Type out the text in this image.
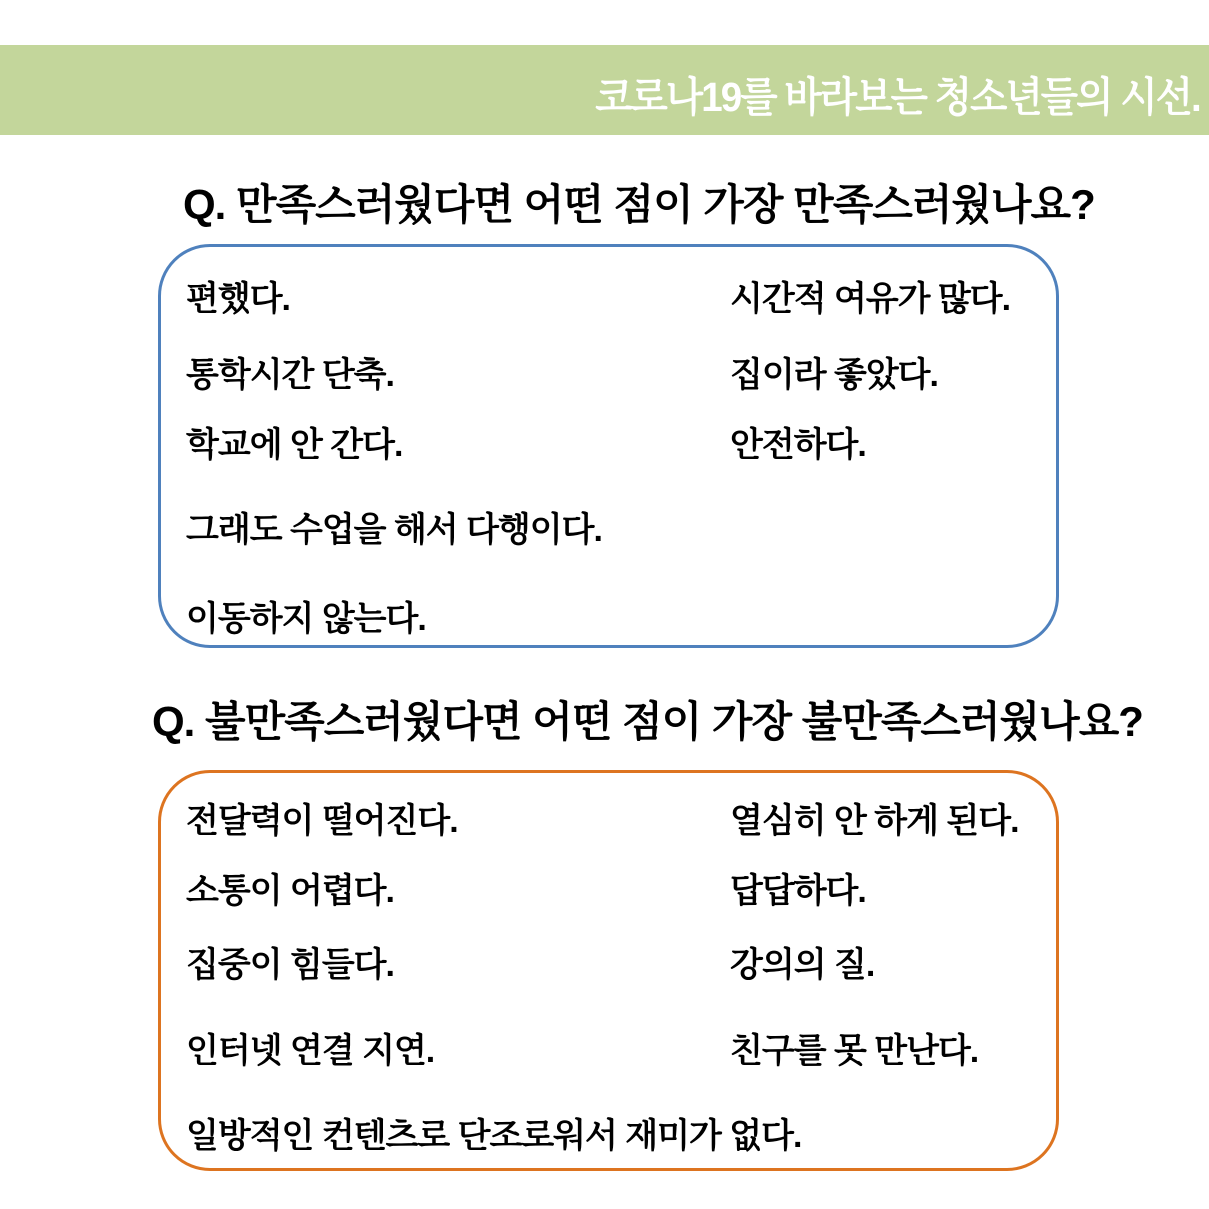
코로나19를 바라보는 청소년들의 시선.
Q. 만족스러웠다면 어떤 점이 가장 만족스러웠나요?
편했다.	시간적 여유가 많다.
통학시간 단축.	집이라 좋았다.
학교에 안 간다.	안전하다.
그래도 수업을 해서 다행이다.
이동하지 않는다.
Q. 불만족스러웠다면 어떤 점이 가장 불만족스러웠나요?
전달력이 떨어진다.	열심히 안 하게 된다.
소통이 어렵다.	답답하다.
집중이 힘들다.	강의의 질.
인터넷 연결 지연.	친구를 못 만난다.
일방적인 컨텐츠로 단조로워서 재미가 없다.
